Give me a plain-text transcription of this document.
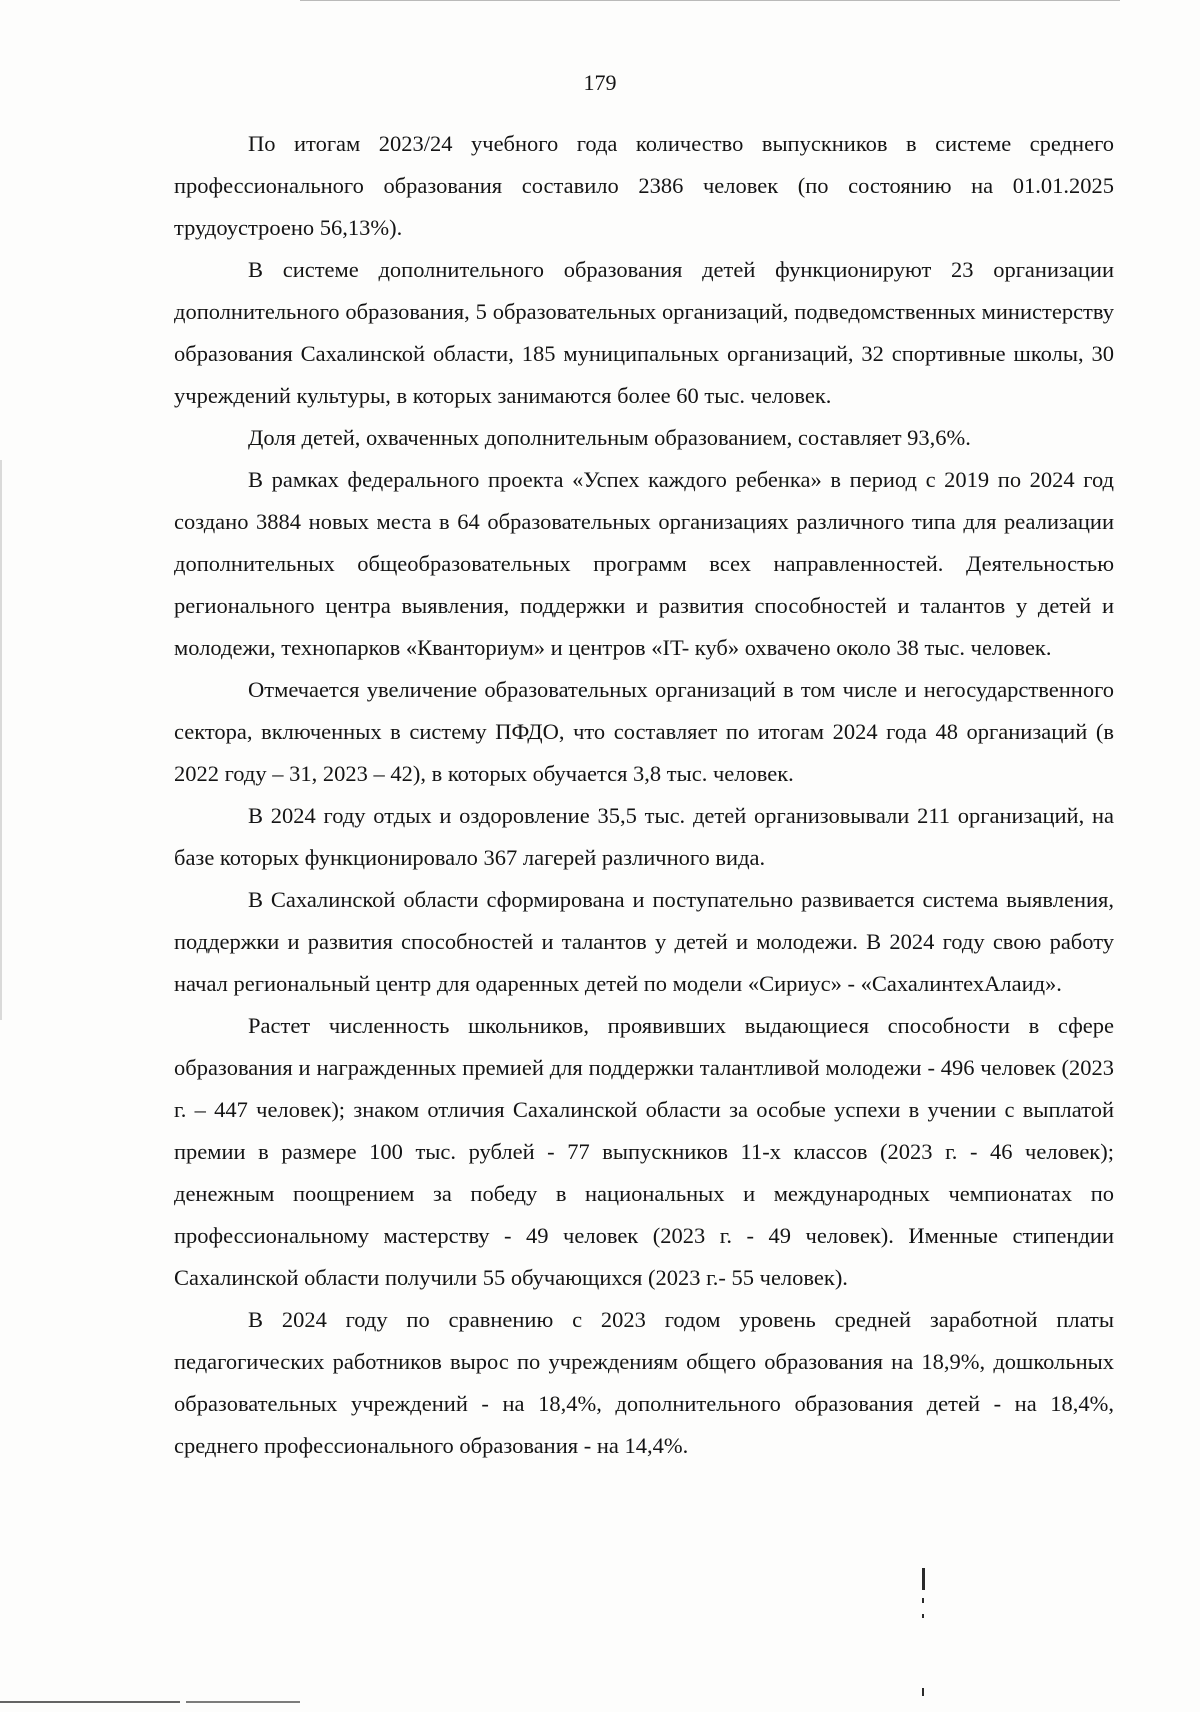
179

По итогам 2023/24 учебного года количество выпускников в системе среднего профессионального образования составило 2386 человек (по состоянию на 01.01.2025 трудоустроено 56,13%).

В системе дополнительного образования детей функционируют 23 организации дополнительного образования, 5 образовательных организаций, подведомственных министерству образования Сахалинской области, 185 муниципальных организаций, 32 спортивные школы, 30 учреждений культуры, в которых занимаются более 60 тыс. человек.

Доля детей, охваченных дополнительным образованием, составляет 93,6%.

В рамках федерального проекта «Успех каждого ребенка» в период с 2019 по 2024 год создано 3884 новых места в 64 образовательных организациях различного типа для реализации дополнительных общеобразовательных программ всех направленностей. Деятельностью регионального центра выявления, поддержки и развития способностей и талантов у детей и молодежи, технопарков «Кванториум» и центров «IT- куб» охвачено около 38 тыс. человек.

Отмечается увеличение образовательных организаций в том числе и негосударственного сектора, включенных в систему ПФДО, что составляет по итогам 2024 года 48 организаций (в 2022 году – 31, 2023 – 42), в которых обучается 3,8 тыс. человек.

В 2024 году отдых и оздоровление 35,5 тыс. детей организовывали 211 организаций, на базе которых функционировало 367 лагерей различного вида.

В Сахалинской области сформирована и поступательно развивается система выявления, поддержки и развития способностей и талантов у детей и молодежи. В 2024 году свою работу начал региональный центр для одаренных детей по модели «Сириус» - «СахалинтехАлаид».

Растет численность школьников, проявивших выдающиеся способности в сфере образования и награжденных премией для поддержки талантливой молодежи - 496 человек (2023 г. – 447 человек); знаком отличия Сахалинской области за особые успехи в учении с выплатой премии в размере 100 тыс. рублей - 77 выпускников 11-х классов (2023 г. - 46 человек); денежным поощрением за победу в национальных и международных чемпионатах по профессиональному мастерству - 49 человек (2023 г. - 49 человек). Именные стипендии Сахалинской области получили 55 обучающихся (2023 г.- 55 человек).

В 2024 году по сравнению с 2023 годом уровень средней заработной платы педагогических работников вырос по учреждениям общего образования на 18,9%, дошкольных образовательных учреждений - на 18,4%, дополнительного образования детей - на 18,4%, среднего профессионального образования - на 14,4%.
